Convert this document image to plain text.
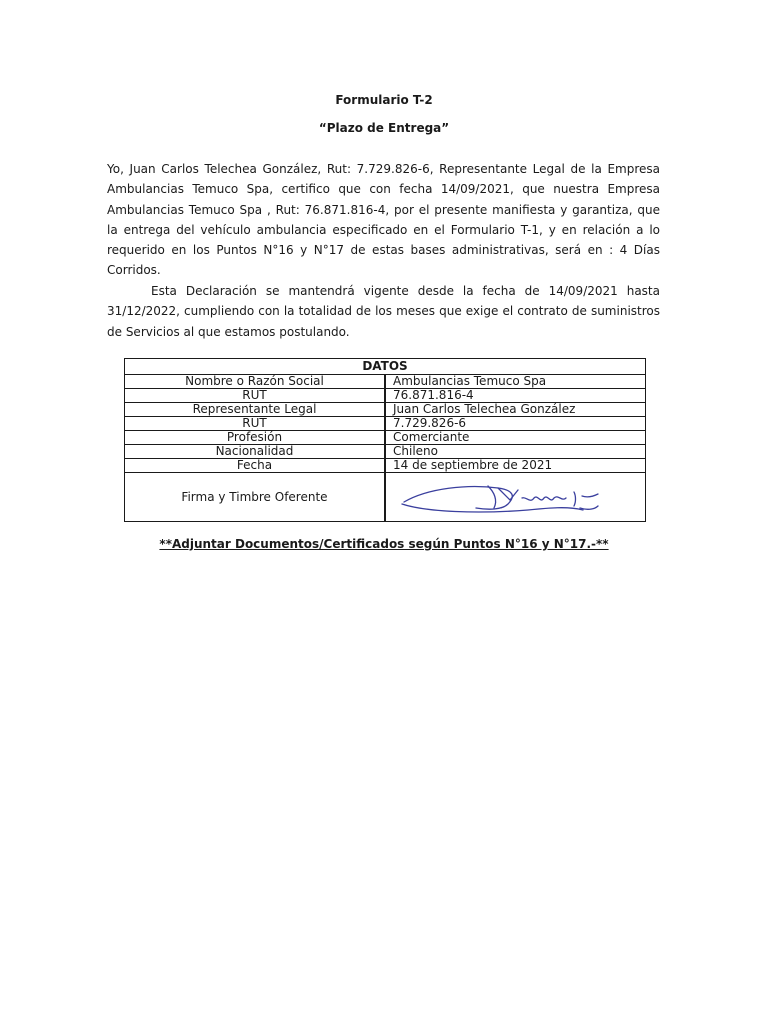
Formulario T-2
“Plazo de Entrega”

Yo, Juan Carlos Telechea González, Rut: 7.729.826-6, Representante Legal de la Empresa Ambulancias Temuco Spa, certifico que con fecha 14/09/2021, que nuestra Empresa Ambulancias Temuco Spa , Rut: 76.871.816-4, por el presente manifiesta y garantiza, que la entrega del vehículo ambulancia especificado en el Formulario T-1, y en relación a lo requerido en los Puntos N°16 y N°17 de estas bases administrativas, será en : 4 Días Corridos.

Esta Declaración se mantendrá vigente desde la fecha de 14/09/2021 hasta 31/12/2022, cumpliendo con la totalidad de los meses que exige el contrato de suministros de Servicios al que estamos postulando.

DATOS	
Nombre o Razón Social	Ambulancias Temuco Spa
RUT	76.871.816-4
Representante Legal	Juan Carlos Telechea González
RUT	7.729.826-6
Profesión	Comerciante
Nacionalidad	Chileno
Fecha	14 de septiembre de 2021
Firma y Timbre Oferente	
**Adjuntar Documentos/Certificados según Puntos N°16 y N°17.-**
